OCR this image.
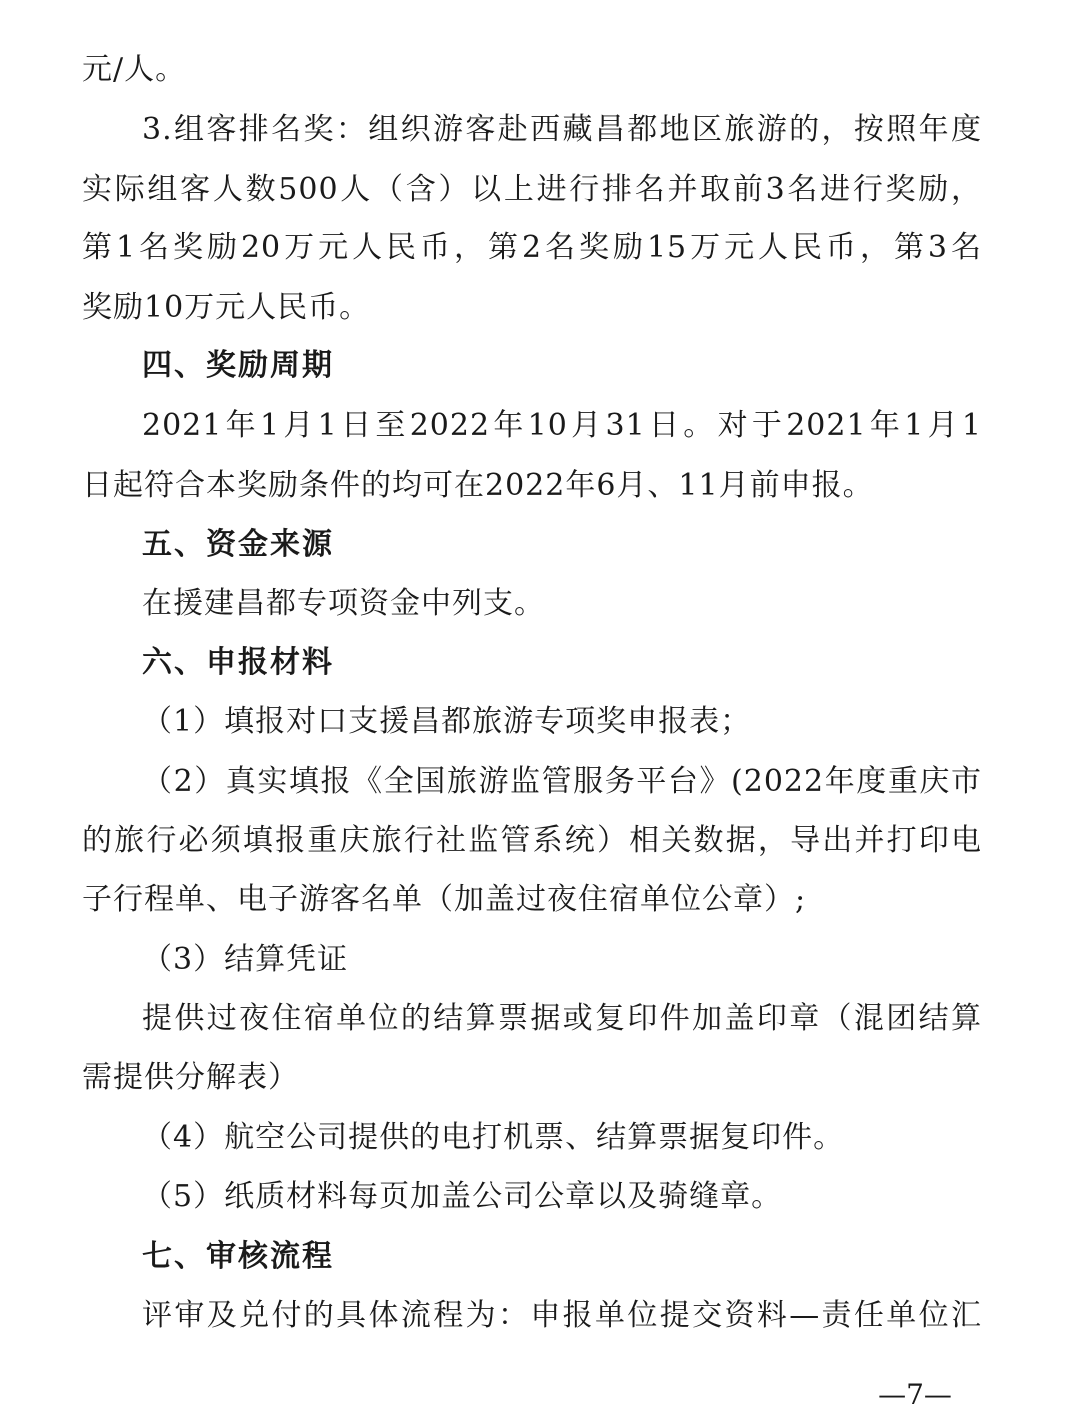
元/人。
3.组客排名奖：组织游客赴西藏昌都地区旅游的，按照年度
实际组客人数500人（含）以上进行排名并取前3名进行奖励，
第1名奖励20万元人民币，第2名奖励15万元人民币，第3名
奖励10万元人民币。
四、奖励周期
2021年1月1日至2022年10月31日。对于2021年1月1
日起符合本奖励条件的均可在2022年6月、11月前申报。
五、资金来源
在援建昌都专项资金中列支。
六、申报材料
（1）填报对口支援昌都旅游专项奖申报表；
（2）真实填报《全国旅游监管服务平台》(2022年度重庆市
的旅行必须填报重庆旅行社监管系统）相关数据，导出并打印电
子行程单、电子游客名单（加盖过夜住宿单位公章）;
（3）结算凭证
提供过夜住宿单位的结算票据或复印件加盖印章（混团结算
需提供分解表）
（4）航空公司提供的电打机票、结算票据复印件。
（5）纸质材料每页加盖公司公章以及骑缝章。
七、审核流程
评审及兑付的具体流程为：申报单位提交资料—责任单位汇
—7—
